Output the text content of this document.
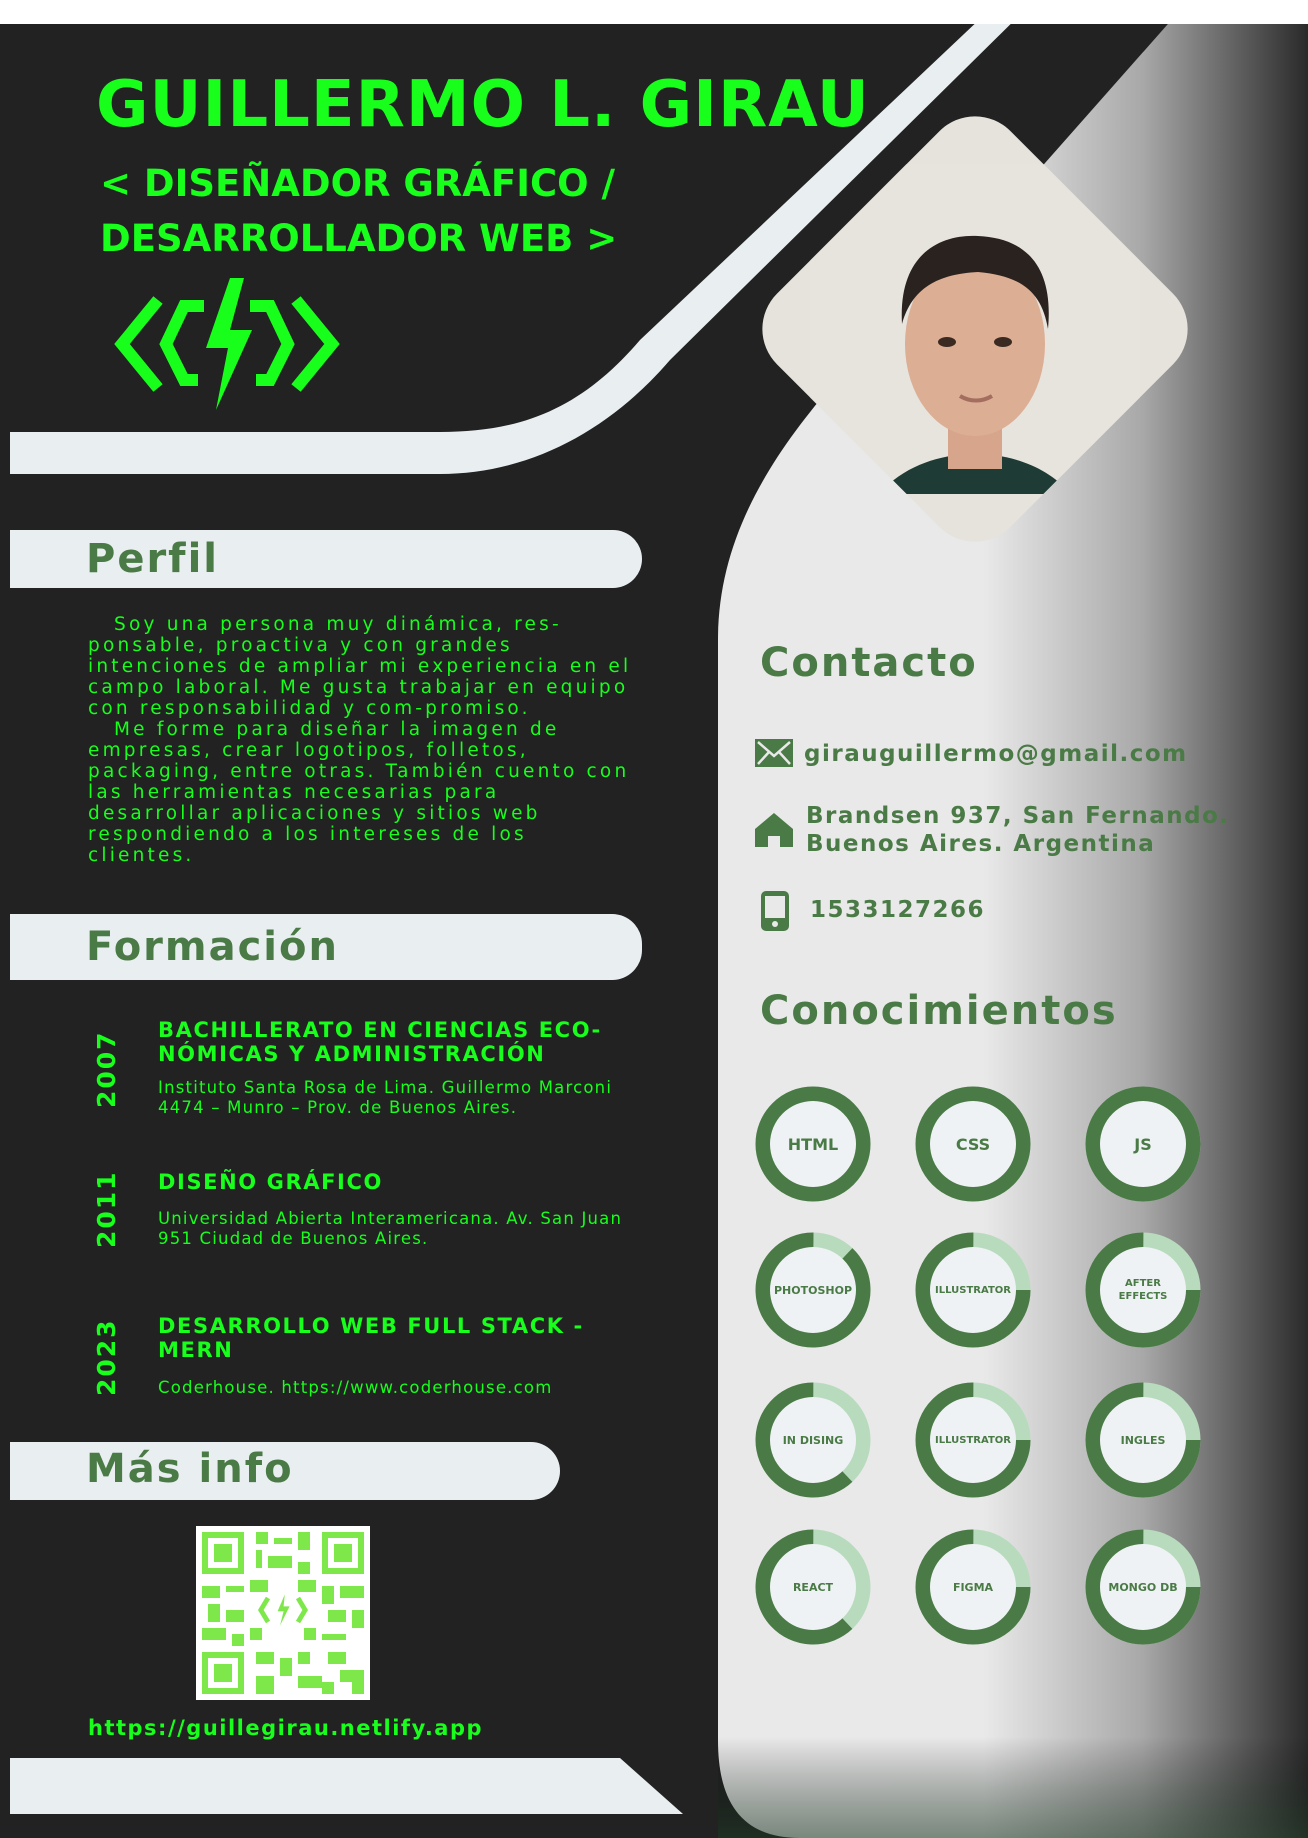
GUILLERMO L. GIRAU
< DISEÑADOR GRÁFICO /
DESARROLLADOR WEB >
Perfil

Soy una persona muy dinámica, res-ponsable, proactiva y con grandes intenciones de ampliar mi experiencia en el campo laboral. Me gusta trabajar en equipo con responsabilidad y com-promiso.

Me forme para diseñar la imagen de empresas, crear logotipos, folletos, packaging, entre otras. También cuento con las herramientas necesarias para desarrollar aplicaciones y sitios web respondiendo a los intereses de los clientes.

Formación
2007
BACHILLERATO EN CIENCIAS ECO-NÓMICAS Y ADMINISTRACIÓN
Instituto Santa Rosa de Lima. Guillermo Marconi 4474 – Munro – Prov. de Buenos Aires.
2011 DISEÑO GRÁFICO
Universidad Abierta Interamericana. Av. San Juan 951 Ciudad de Buenos Aires.
2023 DESARROLLO WEB FULL STACK - MERN
Coderhouse. https://www.coderhouse.com
Más info
https://guillegirau.netlify.app
Contacto
girauguillermo@gmail.com
Brandsen 937, San Fernando.
Buenos Aires. Argentina
1533127266
Conocimientos
HTML	CSS	JS
PHOTOSHOP	ILLUSTRATOR
AFTER EFFECTS
IN DISING	ILLUSTRATOR	INGLES
REACT	FIGMA	MONGO DB
